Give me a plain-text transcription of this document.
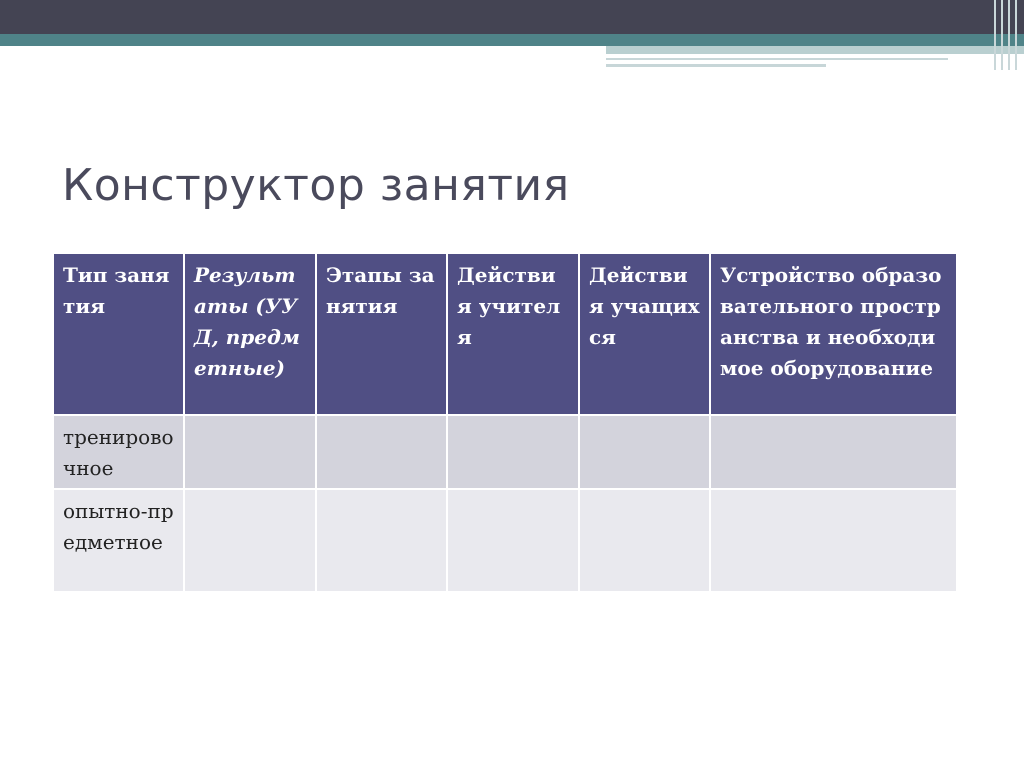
Конструктор занятия
Тип занятия	Результаты (УУД, предметные)	Этапы занятия	Действия учителя	Действия учащихся	Устройство образовательного пространства и необходимое оборудование
тренировочное					
опытно-предметное					
